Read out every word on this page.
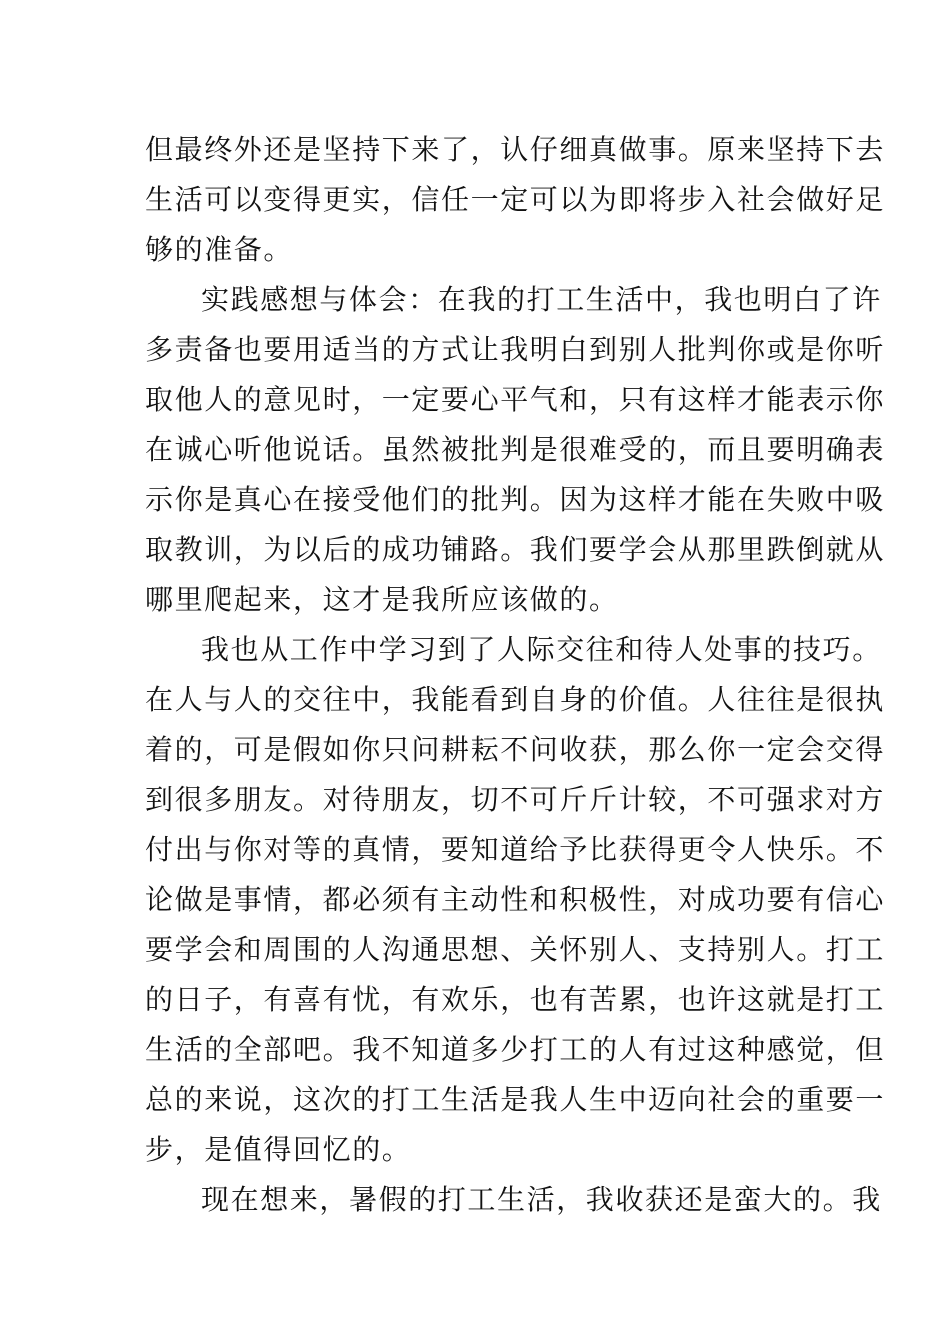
但最终外还是坚持下来了，认仔细真做事。原来坚持下去
生活可以变得更实，信任一定可以为即将步入社会做好足
够的准备。
实践感想与体会：在我的打工生活中，我也明白了许
多责备也要用适当的方式让我明白到别人批判你或是你听
取他人的意见时，一定要心平气和，只有这样才能表示你
在诚心听他说话。虽然被批判是很难受的，而且要明确表
示你是真心在接受他们的批判。因为这样才能在失败中吸
取教训，为以后的成功铺路。我们要学会从那里跌倒就从
哪里爬起来，这才是我所应该做的。
我也从工作中学习到了人际交往和待人处事的技巧。
在人与人的交往中，我能看到自身的价值。人往往是很执
着的，可是假如你只问耕耘不问收获，那么你一定会交得
到很多朋友。对待朋友，切不可斤斤计较，不可强求对方
付出与你对等的真情，要知道给予比获得更令人快乐。不
论做是事情，都必须有主动性和积极性，对成功要有信心
要学会和周围的人沟通思想、关怀别人、支持别人。打工
的日子，有喜有忧，有欢乐，也有苦累，也许这就是打工
生活的全部吧。我不知道多少打工的人有过这种感觉，但
总的来说，这次的打工生活是我人生中迈向社会的重要一
步，是值得回忆的。
现在想来，暑假的打工生活，我收获还是蛮大的。我
